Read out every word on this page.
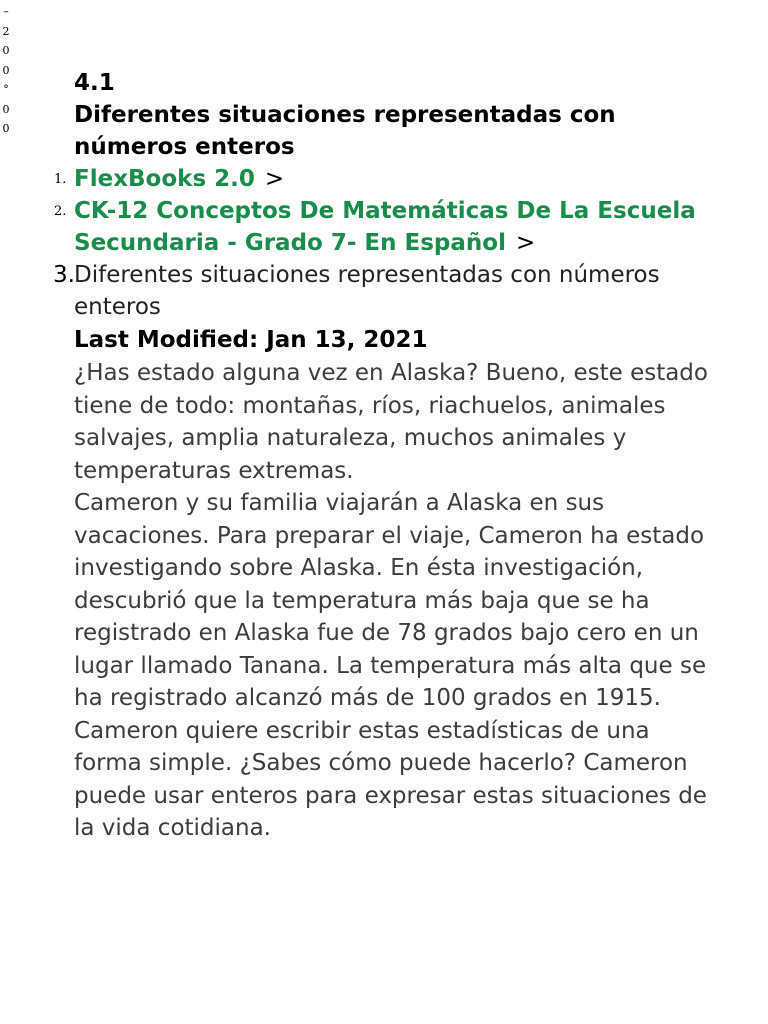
–
2
0
0
°
0
0
4.1
Diferentes situaciones representadas con números enteros
1. FlexBooks 2.0 >
2. CK-12 Conceptos De Matemáticas De La Escuela Secundaria - Grado 7- En Español >
3. Diferentes situaciones representadas con números enteros

Last Modified: Jan 13, 2021

¿Has estado alguna vez en Alaska? Bueno, este estado tiene de todo: montañas, ríos, riachuelos, animales salvajes, amplia naturaleza, muchos animales y temperaturas extremas.

Cameron y su familia viajarán a Alaska en sus vacaciones. Para preparar el viaje, Cameron ha estado investigando sobre Alaska. En ésta investigación, descubrió que la temperatura más baja que se ha registrado en Alaska fue de 78 grados bajo cero en un lugar llamado Tanana. La temperatura más alta que se ha registrado alcanzó más de 100 grados en 1915. Cameron quiere escribir estas estadísticas de una forma simple. ¿Sabes cómo puede hacerlo? Cameron puede usar enteros para expresar estas situaciones de la vida cotidiana.
